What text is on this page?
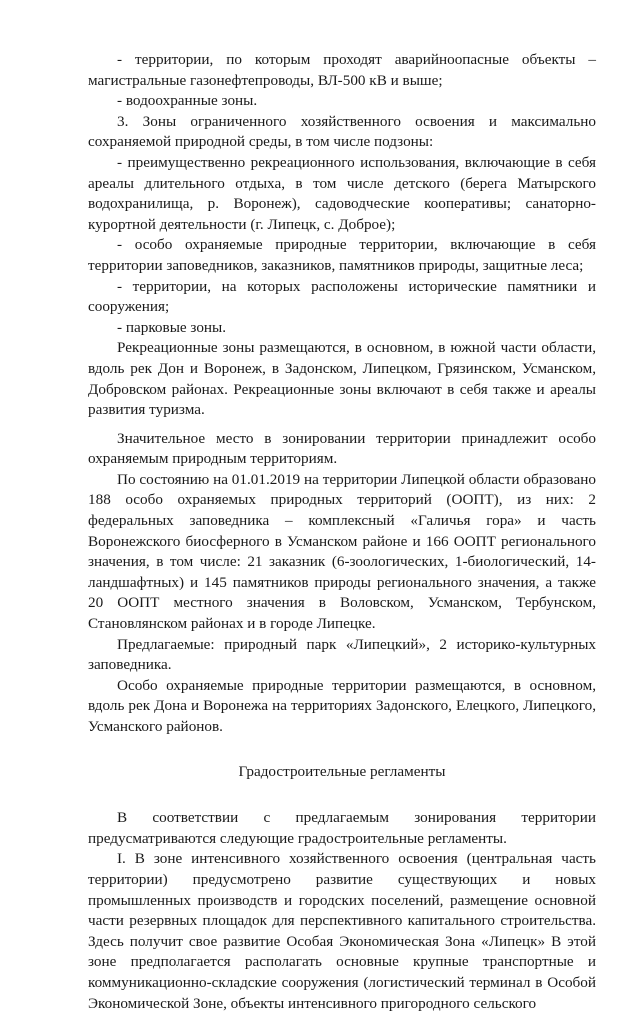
- территории, по которым проходят аварийноопасные объекты – магистральные газонефтепроводы, ВЛ-500 кВ и выше;

- водоохранные зоны.

3. Зоны ограниченного хозяйственного освоения и максимально сохраняемой природной среды, в том числе подзоны:

- преимущественно рекреационного использования, включающие в себя ареалы длительного отдыха, в том числе детского (берега Матырского водохранилища, р. Воронеж), садоводческие кооперативы; санаторно-курортной деятельности (г. Липецк, с. Доброе);

- особо охраняемые природные территории, включающие в себя территории заповедников, заказников, памятников природы, защитные леса;

- территории, на которых расположены исторические памятники и сооружения;

- парковые зоны.

Рекреационные зоны размещаются, в основном, в южной части области, вдоль рек Дон и Воронеж, в Задонском, Липецком, Грязинском, Усманском, Добровском районах. Рекреационные зоны включают в себя также и ареалы развития туризма.

Значительное место в зонировании территории принадлежит особо охраняемым природным территориям.

По состоянию на 01.01.2019 на территории Липецкой области образовано 188 особо охраняемых природных территорий (ООПТ), из них: 2 федеральных заповедника – комплексный «Галичья гора» и часть Воронежского биосферного в Усманском районе и 166 ООПТ регионального значения, в том числе: 21 заказник (6-зоологических, 1-биологический, 14-ландшафтных) и 145 памятников природы регионального значения, а также 20 ООПТ местного значения в Воловском, Усманском, Тербунском, Становлянском районах и в городе Липецке.

Предлагаемые: природный парк «Липецкий», 2 историко-культурных заповедника.

Особо охраняемые природные территории размещаются, в основном, вдоль рек Дона и Воронежа на территориях Задонского, Елецкого, Липецкого, Усманского районов.

Градостроительные регламенты

В соответствии с предлагаемым зонирования территории предусматриваются следующие градостроительные регламенты.

I. В зоне интенсивного хозяйственного освоения (центральная часть территории) предусмотрено развитие существующих и новых промышленных производств и городских поселений, размещение основной части резервных площадок для перспективного капитального строительства. Здесь получит свое развитие Особая Экономическая Зона «Липецк» В этой зоне предполагается располагать основные крупные транспортные и коммуникационно-складские сооружения (логистический терминал в Особой Экономической Зоне, объекты интенсивного пригородного сельского
